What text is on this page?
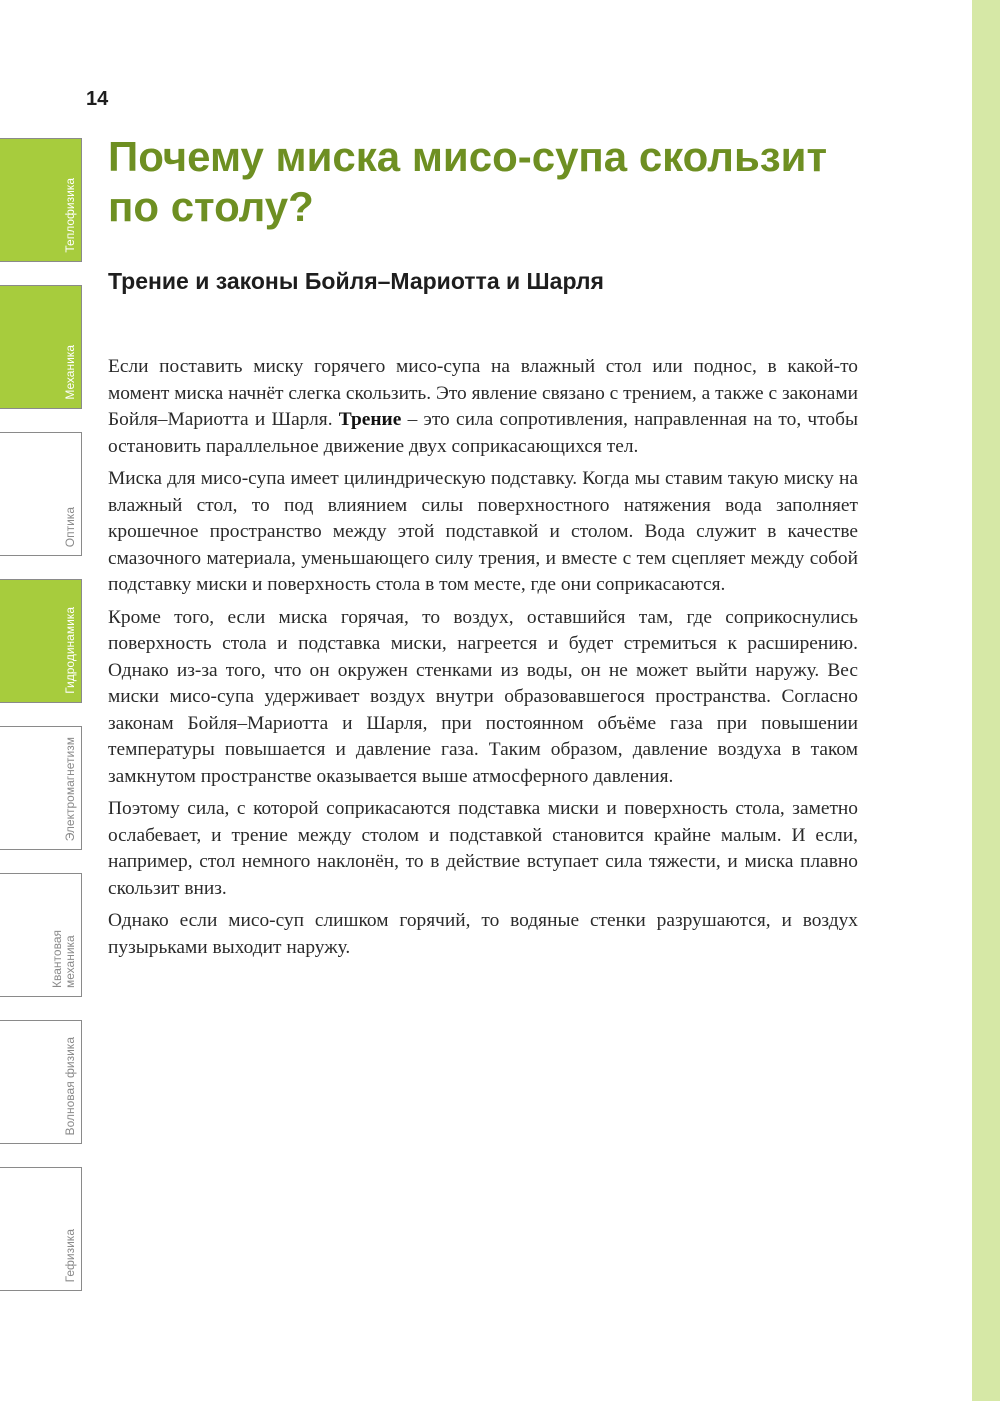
14
Почему миска мисо-супа скользит по столу?
Трение и законы Бойля–Мариотта и Шарля

Если поставить миску горячего мисо-супа на влажный стол или поднос, в какой-то момент миска начнёт слегка скользить. Это явление связано с трением, а также с законами Бойля–Мариотта и Шарля. Трение – это сила сопротивления, направленная на то, чтобы остановить параллельное движение двух соприкасающихся тел.

Миска для мисо-супа имеет цилиндрическую подставку. Когда мы ставим такую миску на влажный стол, то под влиянием силы поверхностного натяжения вода заполняет крошечное пространство между этой подставкой и столом. Вода служит в качестве смазочного материала, уменьшающего силу трения, и вместе с тем сцепляет между собой подставку миски и поверхность стола в том месте, где они соприкасаются.

Кроме того, если миска горячая, то воздух, оставшийся там, где соприкоснулись поверхность стола и подставка миски, нагреется и будет стремиться к расширению. Однако из-за того, что он окружен стенками из воды, он не может выйти наружу. Вес миски мисо-супа удерживает воздух внутри образовавшегося пространства. Согласно законам Бойля–Мариотта и Шарля, при постоянном объёме газа при повышении температуры повышается и давление газа. Таким образом, давление воздуха в таком замкнутом пространстве оказывается выше атмосферного давления.

Поэтому сила, с которой соприкасаются подставка миски и поверхность стола, заметно ослабевает, и трение между столом и подставкой становится крайне малым. И если, например, стол немного наклонён, то в действие вступает сила тяжести, и миска плавно скользит вниз.

Однако если мисо-суп слишком горячий, то водяные стенки разрушаются, и воздух пузырьками выходит наружу.

Теплофизика
Механика
Оптика
Гидродинамика
Электромагнетизм
Квантовая
механика
Волновая физика
Гефизика
